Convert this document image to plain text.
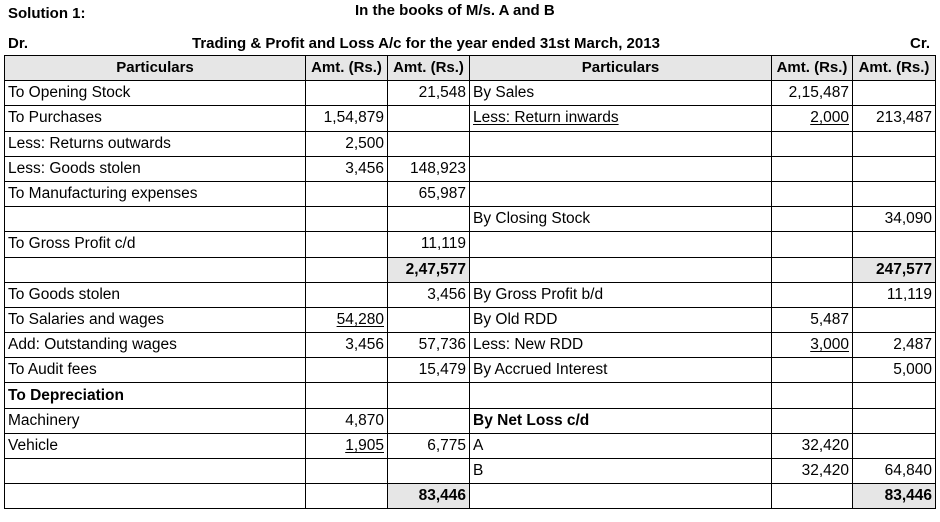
Solution 1:	In the books of M/s. A and B
Dr.	Trading & Profit and Loss A/c for the year ended 31st March, 2013	Cr.
Particulars	Amt. (Rs.)	Amt. (Rs.)	Particulars	Amt. (Rs.)	Amt. (Rs.)
To Opening Stock		21,548	By Sales	2,15,487	
To Purchases	1,54,879		Less: Return inwards	2,000	213,487
Less: Returns outwards	2,500				
Less: Goods stolen	3,456	148,923			
To Manufacturing expenses		65,987			
			By Closing Stock		34,090
To Gross Profit c/d		11,119			
		2,47,577			247,577
To Goods stolen		3,456	By Gross Profit b/d		11,119
To Salaries and wages	54,280		By Old RDD	5,487	
Add: Outstanding wages	3,456	57,736	Less: New RDD	3,000	2,487
To Audit fees		15,479	By Accrued Interest		5,000
To Depreciation					
Machinery	4,870		By Net Loss c/d		
Vehicle	1,905	6,775	A	32,420	
			B	32,420	64,840
		83,446			83,446
